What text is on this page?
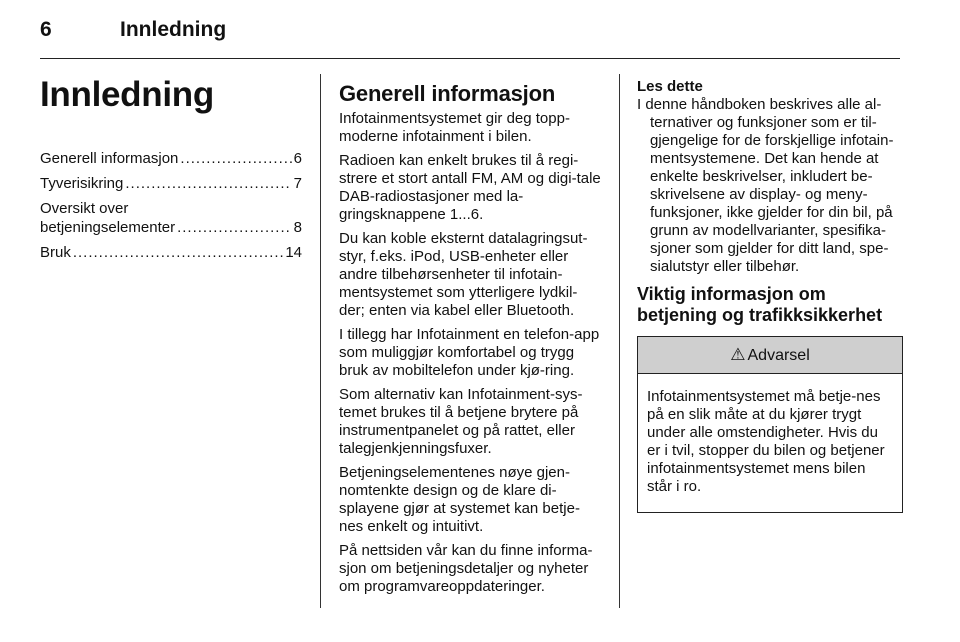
6	Innledning
Innledning
Generell informasjon .....	6
Tyverisikring .....	7
Oversikt over
betjeningselementer .....	8
Bruk .....	14
Generell informasjon

Infotainmentsystemet gir deg topp-moderne infotainment i bilen.

Radioen kan enkelt brukes til å regi-strere et stort antall FM, AM og digi-tale DAB-radiostasjoner med la-gringsknappene 1...6.

Du kan koble eksternt datalagringsut-styr, f.eks. iPod, USB-enheter eller andre tilbehørsenheter til infotain-mentsystemet som ytterligere lydkil-der; enten via kabel eller Bluetooth.

I tillegg har Infotainment en telefon-app som muliggjør komfortabel og trygg bruk av mobiltelefon under kjø-ring.

Som alternativ kan Infotainment-sys-temet brukes til å betjene brytere på instrumentpanelet og på rattet, eller talegjenkjenningsfuxer.

Betjeningselementenes nøye gjen-nomtenkte design og de klare di-splayene gjør at systemet kan betje-nes enkelt og intuitivt.

På nettsiden vår kan du finne informa-sjon om betjeningsdetaljer og nyheter om programvareoppdateringer.

Les dette

I denne håndboken beskrives alle al-ternativer og funksjoner som er til-gjengelige for de forskjellige infotain-mentsystemene. Det kan hende at enkelte beskrivelser, inkludert be-skrivelsene av display- og meny-funksjoner, ikke gjelder for din bil, på grunn av modellvarianter, spesifika-sjoner som gjelder for ditt land, spe-sialutstyr eller tilbehør.

Viktig informasjon om betjening og trafikksikkerhet
⚠ Advarsel
Infotainmentsystemet må betje-nes på en slik måte at du kjører trygt under alle omstendigheter. Hvis du er i tvil, stopper du bilen og betjener infotainmentsystemet mens bilen står i ro.
